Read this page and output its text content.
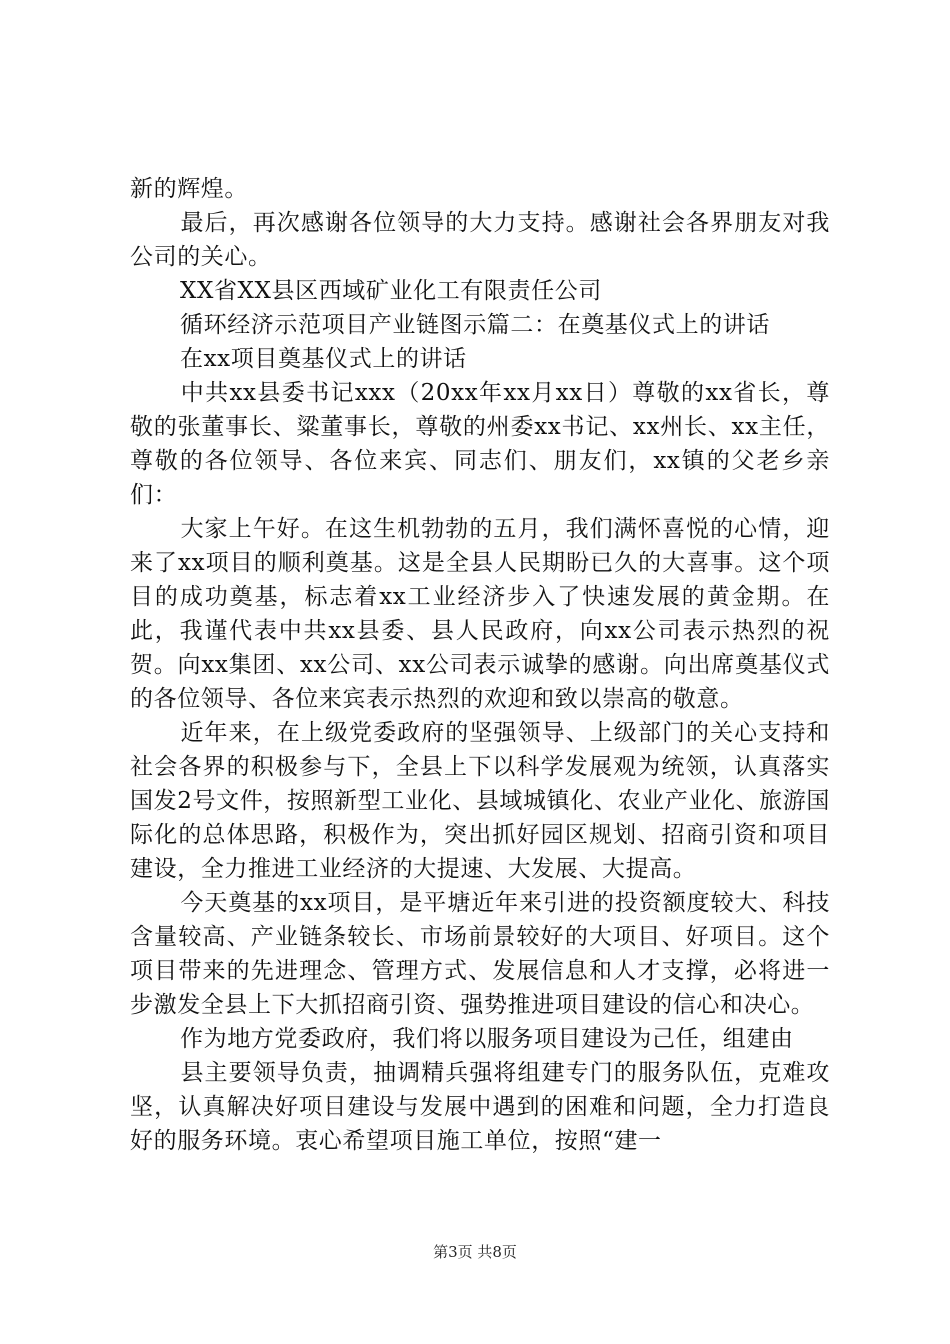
新的辉煌。

最后，再次感谢各位领导的大力支持。感谢社会各界朋友对我公司的关心。

XX省XX县区西域矿业化工有限责任公司

循环经济示范项目产业链图示篇二：在奠基仪式上的讲话

在xx项目奠基仪式上的讲话

中共xx县委书记xxx（20xx年xx月xx日）尊敬的xx省长，尊敬的张董事长、粱董事长，尊敬的州委xx书记、xx州长、xx主任，尊敬的各位领导、各位来宾、同志们、朋友们，xx镇的父老乡亲们：

大家上午好。在这生机勃勃的五月，我们满怀喜悦的心情，迎来了xx项目的顺利奠基。这是全县人民期盼已久的大喜事。这个项目的成功奠基，标志着xx工业经济步入了快速发展的黄金期。在此，我谨代表中共xx县委、县人民政府，向xx公司表示热烈的祝贺。向xx集团、xx公司、xx公司表示诚挚的感谢。向出席奠基仪式的各位领导、各位来宾表示热烈的欢迎和致以崇高的敬意。

近年来，在上级党委政府的坚强领导、上级部门的关心支持和社会各界的积极参与下，全县上下以科学发展观为统领，认真落实国发2号文件，按照新型工业化、县域城镇化、农业产业化、旅游国际化的总体思路，积极作为，突出抓好园区规划、招商引资和项目建设，全力推进工业经济的大提速、大发展、大提高。

今天奠基的xx项目，是平塘近年来引进的投资额度较大、科技含量较高、产业链条较长、市场前景较好的大项目、好项目。这个项目带来的先进理念、管理方式、发展信息和人才支撑，必将进一步激发全县上下大抓招商引资、强势推进项目建设的信心和决心。

作为地方党委政府，我们将以服务项目建设为己任，组建由

县主要领导负责，抽调精兵强将组建专门的服务队伍，克难攻坚，认真解决好项目建设与发展中遇到的困难和问题，全力打造良好的服务环境。衷心希望项目施工单位，按照“建一

第3页 共8页
